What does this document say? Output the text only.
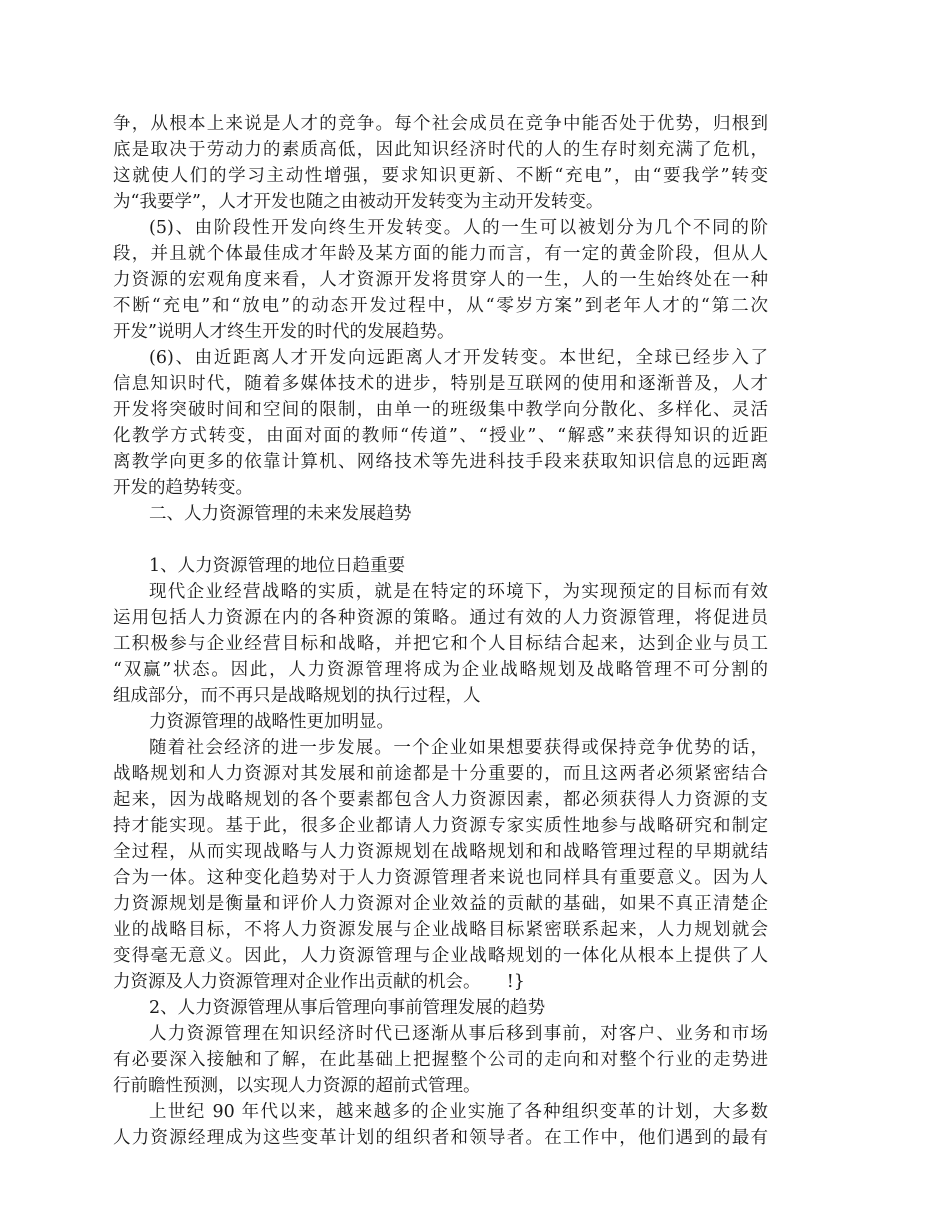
争，从根本上来说是人才的竞争。每个社会成员在竞争中能否处于优势，归根到
底是取决于劳动力的素质高低，因此知识经济时代的人的生存时刻充满了危机，
这就使人们的学习主动性增强，要求知识更新、不断“充电”，由“要我学”转变
为“我要学”，人才开发也随之由被动开发转变为主动开发转变。
(5)、由阶段性开发向终生开发转变。人的一生可以被划分为几个不同的阶
段，并且就个体最佳成才年龄及某方面的能力而言，有一定的黄金阶段，但从人
力资源的宏观角度来看，人才资源开发将贯穿人的一生，人的一生始终处在一种
不断“充电”和“放电”的动态开发过程中，从“零岁方案”到老年人才的“第二次
开发”说明人才终生开发的时代的发展趋势。
(6)、由近距离人才开发向远距离人才开发转变。本世纪，全球已经步入了
信息知识时代，随着多媒体技术的进步，特别是互联网的使用和逐渐普及，人才
开发将突破时间和空间的限制，由单一的班级集中教学向分散化、多样化、灵活
化教学方式转变，由面对面的教师“传道”、“授业”、“解惑”来获得知识的近距
离教学向更多的依靠计算机、网络技术等先进科技手段来获取知识信息的远距离
开发的趋势转变。
二、人力资源管理的未来发展趋势
1、人力资源管理的地位日趋重要
现代企业经营战略的实质，就是在特定的环境下，为实现预定的目标而有效
运用包括人力资源在内的各种资源的策略。通过有效的人力资源管理，将促进员
工积极参与企业经营目标和战略，并把它和个人目标结合起来，达到企业与员工
“双赢”状态。因此，人力资源管理将成为企业战略规划及战略管理不可分割的
组成部分，而不再只是战略规划的执行过程，人
力资源管理的战略性更加明显。
随着社会经济的进一步发展。一个企业如果想要获得或保持竞争优势的话，
战略规划和人力资源对其发展和前途都是十分重要的，而且这两者必须紧密结合
起来，因为战略规划的各个要素都包含人力资源因素，都必须获得人力资源的支
持才能实现。基于此，很多企业都请人力资源专家实质性地参与战略研究和制定
全过程，从而实现战略与人力资源规划在战略规划和和战略管理过程的早期就结
合为一体。这种变化趋势对于人力资源管理者来说也同样具有重要意义。因为人
力资源规划是衡量和评价人力资源对企业效益的贡献的基础，如果不真正清楚企
业的战略目标，不将人力资源发展与企业战略目标紧密联系起来，人力规划就会
变得毫无意义。因此，人力资源管理与企业战略规划的一体化从根本上提供了人
力资源及人力资源管理对企业作出贡献的机会。　　!}
2、人力资源管理从事后管理向事前管理发展的趋势
人力资源管理在知识经济时代已逐渐从事后移到事前，对客户、业务和市场
有必要深入接触和了解，在此基础上把握整个公司的走向和对整个行业的走势进
行前瞻性预测，以实现人力资源的超前式管理。
上世纪 90 年代以来，越来越多的企业实施了各种组织变革的计划，大多数
人力资源经理成为这些变革计划的组织者和领导者。在工作中，他们遇到的最有
